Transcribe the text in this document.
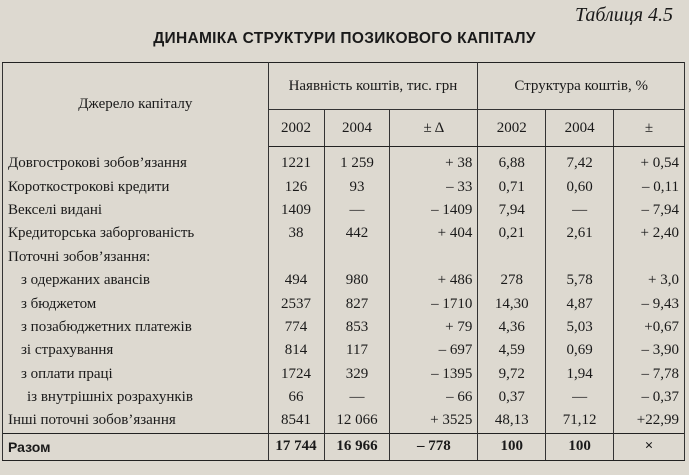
Таблиця 4.5
ДИНАМІКА СТРУКТУРИ ПОЗИКОВОГО КАПІТАЛУ
Джерело капіталу	Наявність коштів, тис. грн			Структура коштів, %		
	2002	2004	± Δ	2002	2004	±
Довгострокові зобов’язання	1221	1 259	+ 38	6,88	7,42	+ 0,54
Короткострокові кредити	126	93	– 33	0,71	0,60	– 0,11
Векселі видані	1409	—	– 1409	7,94	—	– 7,94
Кредиторська заборгованість	38	442	+ 404	0,21	2,61	+ 2,40
Поточні зобов’язання:						
з одержаних авансів	494	980	+ 486	278	5,78	+ 3,0
з бюджетом	2537	827	– 1710	14,30	4,87	– 9,43
з позабюджетних платежів	774	853	+ 79	4,36	5,03	+0,67
зі страхування	814	117	– 697	4,59	0,69	– 3,90
з оплати праці	1724	329	– 1395	9,72	1,94	– 7,78
із внутрішніх розрахунків	66	—	– 66	0,37	—	– 0,37
Інші поточні зобов’язання	8541	12 066	+ 3525	48,13	71,12	+22,99
Разом	17 744	16 966	– 778	100	100	×
